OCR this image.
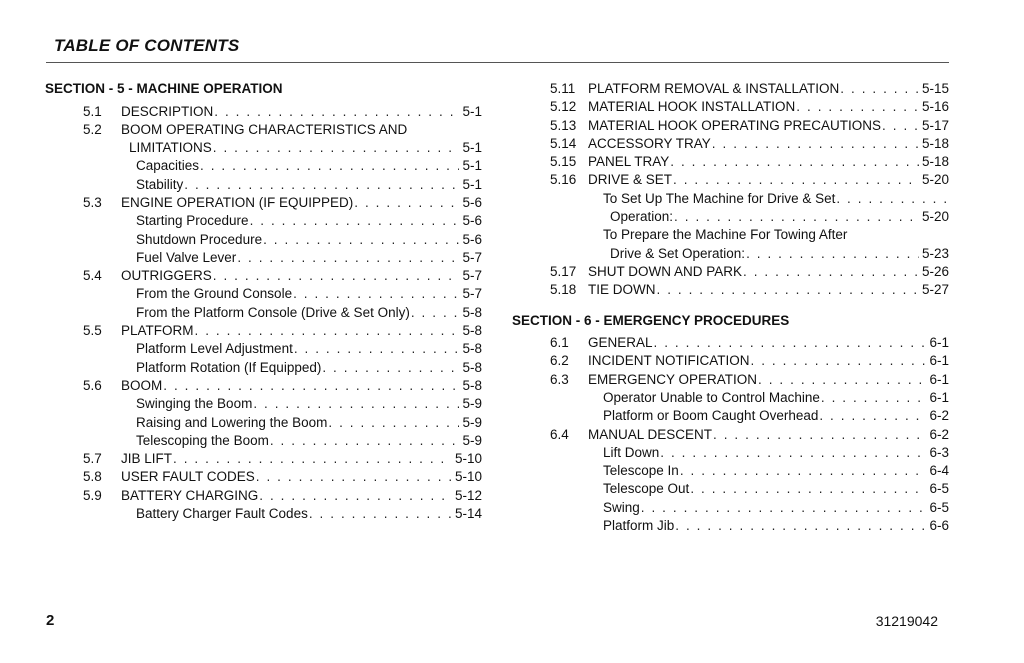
TABLE OF CONTENTS
SECTION - 5 - MACHINE OPERATION
5.1 DESCRIPTION . . .	5-1
5.2 BOOM OPERATING CHARACTERISTICS AND
LIMITATIONS . . .	5-1
Capacities . . .	5-1
Stability . . .	5-1
5.3 ENGINE OPERATION (IF EQUIPPED) . . .	5-6
Starting Procedure . . .	5-6
Shutdown Procedure . . .	5-6
Fuel Valve Lever . . .	5-7
5.4 OUTRIGGERS . . .	5-7
From the Ground Console . . .	5-7
From the Platform Console (Drive & Set Only) . . .	5-8
5.5 PLATFORM . . .	5-8
Platform Level Adjustment . . .	5-8
Platform Rotation (If Equipped) . . .	5-8
5.6 BOOM . . .	5-8
Swinging the Boom . . .	5-9
Raising and Lowering the Boom . . .	5-9
Telescoping the Boom . . .	5-9
5.7 JIB LIFT . . .	5-10
5.8 USER FAULT CODES . . .	5-10
5.9 BATTERY CHARGING . . .	5-12
Battery Charger Fault Codes . . .	5-14
5.11 PLATFORM REMOVAL & INSTALLATION . . .	5-15
5.12 MATERIAL HOOK INSTALLATION . . .	5-16
5.13 MATERIAL HOOK OPERATING PRECAUTIONS . . .	5-17
5.14 ACCESSORY TRAY . . .	5-18
5.15 PANEL TRAY . . .	5-18
5.16 DRIVE & SET . . .	5-20
To Set Up The Machine for Drive & Set
. . .
Operation: . . .	5-20
To Prepare the Machine For Towing After
Drive & Set Operation: . . .	5-23
5.17 SHUT DOWN AND PARK . . .	5-26
5.18 TIE DOWN . . .	5-27
SECTION - 6 - EMERGENCY PROCEDURES
6.1 GENERAL . . .	6-1
6.2 INCIDENT NOTIFICATION . . .	6-1
6.3 EMERGENCY OPERATION . . .	6-1
Operator Unable to Control Machine . . .	6-1
Platform or Boom Caught Overhead . . .	6-2
6.4 MANUAL DESCENT . . .	6-2
Lift Down . . .	6-3
Telescope In . . .	6-4
Telescope Out . . .	6-5
Swing . . .	6-5
Platform Jib . . .	6-6
2	31219042
